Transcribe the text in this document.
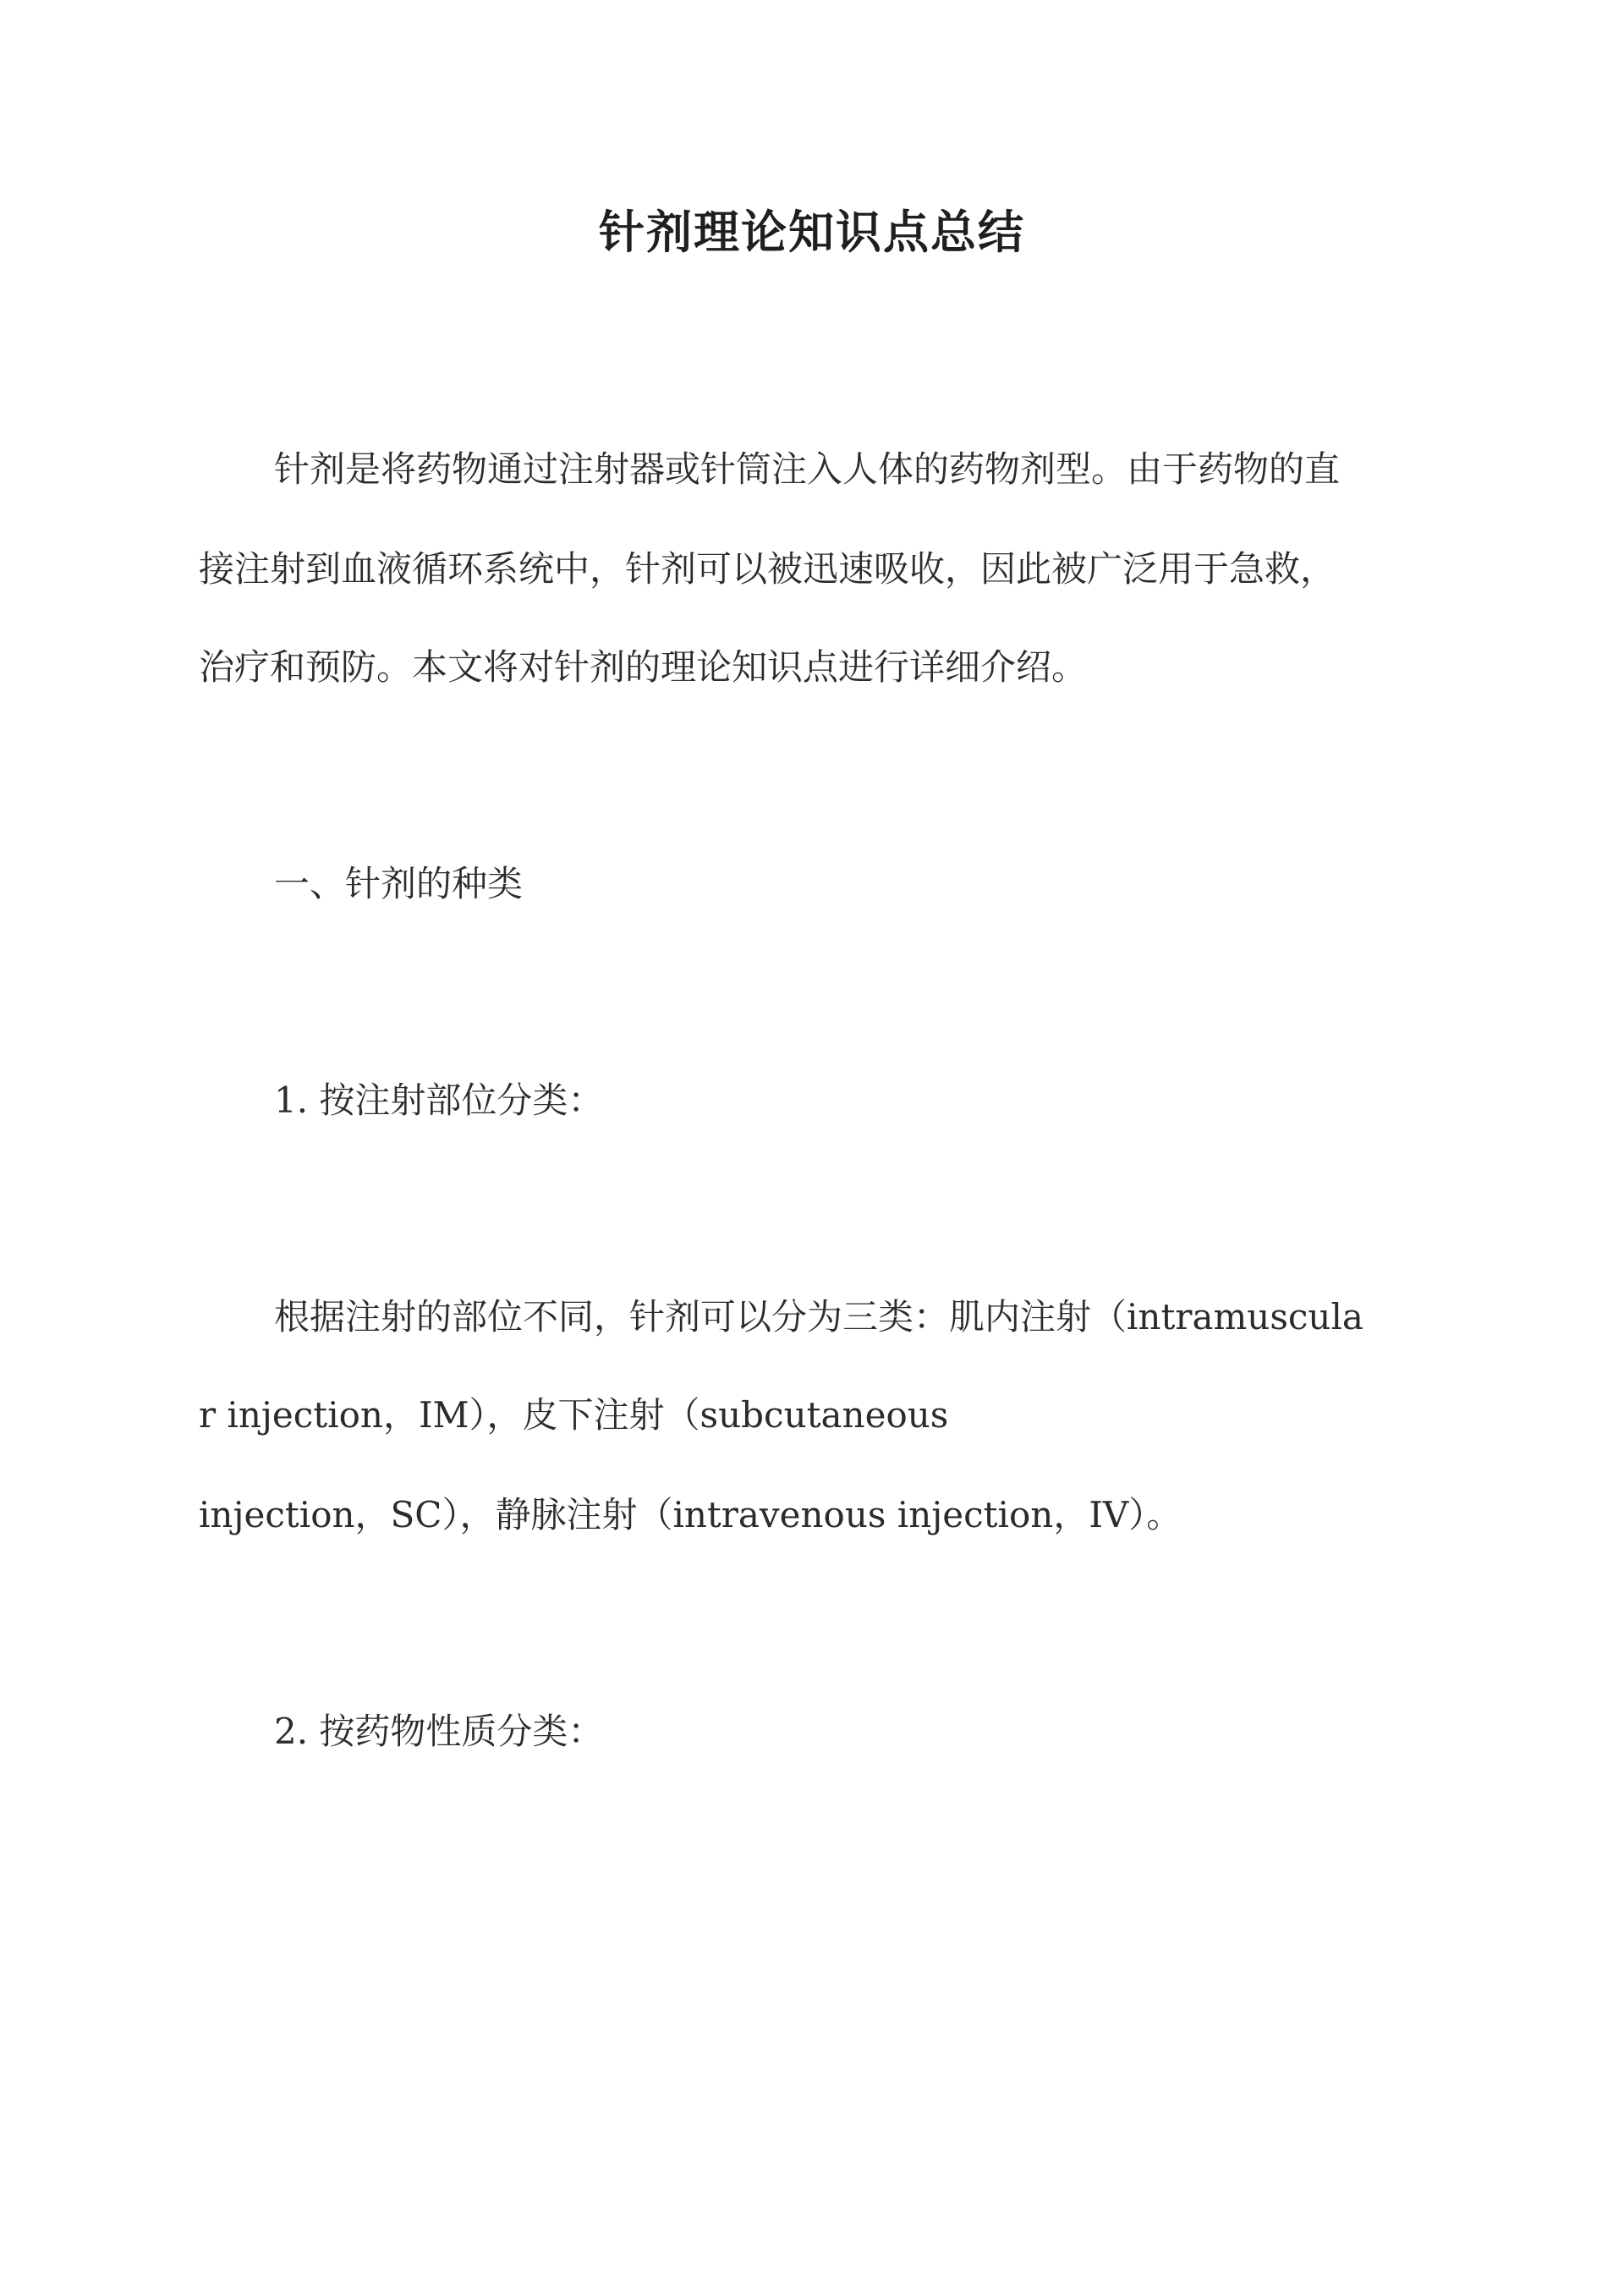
针剂理论知识点总结
针剂是将药物通过注射器或针筒注入人体的药物剂型。由于药物的直
接注射到血液循环系统中，针剂可以被迅速吸收，因此被广泛用于急救，
治疗和预防。本文将对针剂的理论知识点进行详细介绍。
一、针剂的种类
1. 按注射部位分类：
根据注射的部位不同，针剂可以分为三类：肌内注射（intramuscula
r injection，IM），皮下注射（subcutaneous
injection，SC），静脉注射（intravenous injection，IV）。
2. 按药物性质分类：
